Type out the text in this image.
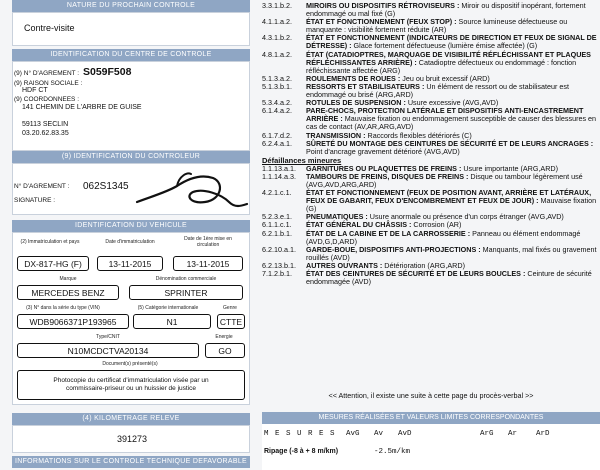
NATURE DU PROCHAIN CONTROLE
Contre-visite
IDENTIFICATION DU CENTRE DE CONTROLE
(9) N° D'AGREMENT : S059F508
(9) RAISON SOCIALE :
HDF CT
(9) COORDONNEES :
141 CHEMIN DE L'ARBRE DE GUISE
59113 SECLIN
03.20.62.83.35
(9) IDENTIFICATION DU CONTROLEUR
N° D'AGREMENT : 062S1345
SIGNATURE :
IDENTIFICATION DU VEHICULE
(2) Immatriculation et pays	Date d'immatriculation	Date de 1ère mise en circulation
DX-817-HG (F)	13-11-2015	13-11-2015
Marque	Dénomination commerciale
MERCEDES BENZ	SPRINTER
(3) N° dans la série du type (VIN)	(5) Catégorie internationale	Genre
WDB9066371P193965	N1	CTTE
Type/CNIT	Energie
N10MCDCTVA20134	GO
Document(s) présenté(s)
Photocopie du certificat d'immatriculation visée par un commissaire-priseur ou un huissier de justice
(4) KILOMETRAGE RELEVE
391273
INFORMATIONS SUR LE CONTROLE TECHNIQUE DEFAVORABLE
3.3.1.b.2.	MIROIRS OU DISPOSITIFS RÉTROVISEURS : Miroir ou dispositif inopérant, fortement endommagé ou mal fixé (G)
4.1.1.a.2.	ÉTAT ET FONCTIONNEMENT (FEUX STOP) : Source lumineuse défectueuse ou manquante : visibilité fortement réduite (AR)
4.3.1.b.2.	ÉTAT ET FONCTIONNEMENT (INDICATEURS DE DIRECTION ET FEUX DE SIGNAL DE DÉTRESSE) : Glace fortement défectueuse (lumière émise affectée) (G)
4.8.1.a.2.	ÉTAT (CATADIOPTRES, MARQUAGE DE VISIBILITÉ RÉFLÉCHISSANT ET PLAQUES RÉFLÉCHISSANTES ARRIÈRE) : Catadioptre défectueux ou endommagé : fonction réfléchissante affectée (ARG)
5.1.3.a.2.	ROULEMENTS DE ROUES : Jeu ou bruit excessif (ARD)
5.1.3.b.1.	RESSORTS ET STABILISATEURS : Un élément de ressort ou de stabilisateur est endommagé ou brisé (ARG,ARD)
5.3.4.a.2.	ROTULES DE SUSPENSION : Usure excessive (AVG,AVD)
6.1.4.a.2.	PARE-CHOCS, PROTECTION LATÉRALE ET DISPOSITIFS ANTI-ENCASTREMENT ARRIÈRE : Mauvaise fixation ou endommagement susceptible de causer des blessures en cas de contact (AV,AR,ARG,AVD)
6.1.7.d.2.	TRANSMISSION : Raccords flexibles détériorés (C)
6.2.4.a.1.	SÛRETÉ DU MONTAGE DES CEINTURES DE SÉCURITÉ ET DE LEURS ANCRAGES : Point d'ancrage gravement détérioré (AVG,AVD)
Défaillances mineures
1.1.13.a.1.	GARNITURES OU PLAQUETTES DE FREINS : Usure importante (ARG,ARD)
1.1.14.a.3.	TAMBOURS DE FREINS, DISQUES DE FREINS : Disque ou tambour légèrement usé (AVG,AVD,ARG,ARD)
4.2.1.c.1.	ÉTAT ET FONCTIONNEMENT (FEUX DE POSITION AVANT, ARRIÈRE ET LATÉRAUX, FEUX DE GABARIT, FEUX D'ENCOMBREMENT ET FEUX DE JOUR) : Mauvaise fixation (G)
5.2.3.e.1.	PNEUMATIQUES : Usure anormale ou présence d'un corps étranger (AVG,AVD)
6.1.1.c.1.	ÉTAT GÉNÉRAL DU CHÂSSIS : Corrosion (AR)
6.2.1.b.1.	ÉTAT DE LA CABINE ET DE LA CARROSSERIE : Panneau ou élément endommagé (AVD,G,D,ARD)
6.2.10.a.1.	GARDE-BOUE, DISPOSITIFS ANTI-PROJECTIONS : Manquants, mal fixés ou gravement rouillés (AVD)
6.2.13.b.1.	AUTRES OUVRANTS : Détérioration (ARG,ARD)
7.1.2.b.1.	ÉTAT DES CEINTURES DE SÉCURITÉ ET DE LEURS BOUCLES : Ceinture de sécurité endommagée (AVD)
<< Attention, il existe une suite à cette page du procès-verbal >>
MESURES RÉALISÉES ET VALEURS LIMITES CORRESPONDANTES
M E S U R E S AvG Av AvD	ArG Ar	ArD
Ripage (-8 à + 8 m/km)	-2.5m/km
